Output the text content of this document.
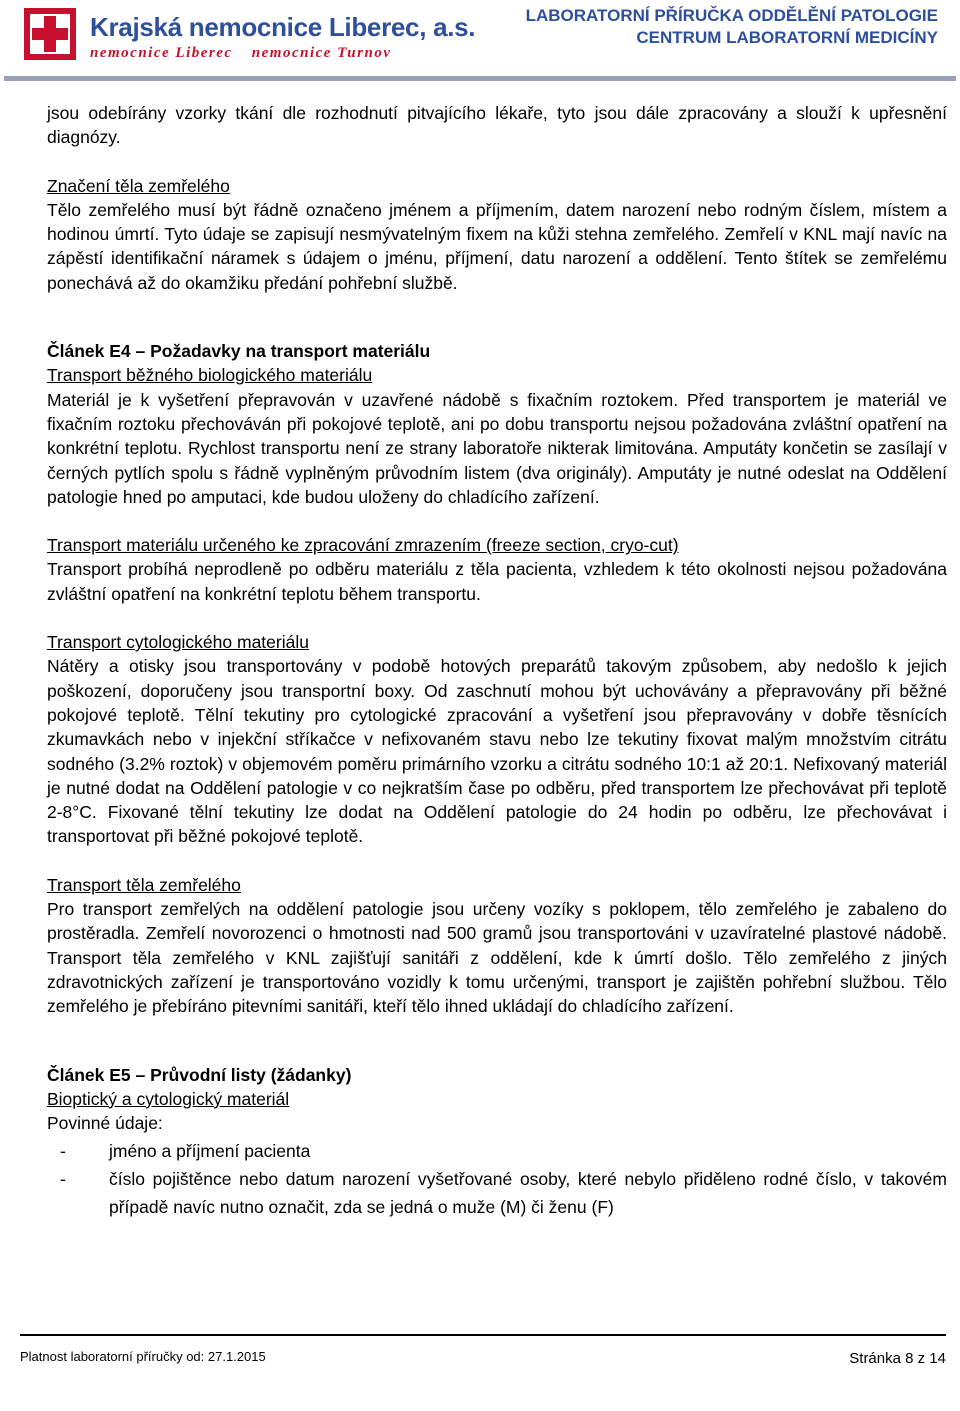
Krajská nemocnice Liberec, a.s.
nemocnice Liberec nemocnice Turnov
LABORATORNÍ PŘÍRUČKA ODDĚLĚNÍ PATOLOGIE
CENTRUM LABORATORNÍ MEDICÍNY

jsou odebírány vzorky tkání dle rozhodnutí pitvajícího lékaře, tyto jsou dále zpracovány a slouží k upřesnění diagnózy.

Značení těla zemřelého

Tělo zemřelého musí být řádně označeno jménem a příjmením, datem narození nebo rodným číslem, místem a hodinou úmrtí. Tyto údaje se zapisují nesmývatelným fixem na kůži stehna zemřelého. Zemřelí v KNL mají navíc na zápěstí identifikační náramek s údajem o jménu, příjmení, datu narození a oddělení. Tento štítek se zemřelému ponechává až do okamžiku předání pohřební službě.

Článek E4 – Požadavky na transport materiálu
Transport běžného biologického materiálu

Materiál je k vyšetření přepravován v uzavřené nádobě s fixačním roztokem. Před transportem je materiál ve fixačním roztoku přechováván při pokojové teplotě, ani po dobu transportu nejsou požadována zvláštní opatření na konkrétní teplotu. Rychlost transportu není ze strany laboratoře nikterak limitována. Amputáty končetin se zasílají v černých pytlích spolu s řádně vyplněným průvodním listem (dva originály). Amputáty je nutné odeslat na Oddělení patologie hned po amputaci, kde budou uloženy do chladícího zařízení.

Transport materiálu určeného ke zpracování zmrazením (freeze section, cryo-cut)

Transport probíhá neprodleně po odběru materiálu z těla pacienta, vzhledem k této okolnosti nejsou požadována zvláštní opatření na konkrétní teplotu během transportu.

Transport cytologického materiálu

Nátěry a otisky jsou transportovány v podobě hotových preparátů takovým způsobem, aby nedošlo k jejich poškození, doporučeny jsou transportní boxy. Od zaschnutí mohou být uchovávány a přepravovány při běžné pokojové teplotě. Tělní tekutiny pro cytologické zpracování a vyšetření jsou přepravovány v dobře těsnících zkumavkách nebo v injekční stříkačce v nefixovaném stavu nebo lze tekutiny fixovat malým množstvím citrátu sodného (3.2% roztok) v objemovém poměru primárního vzorku a citrátu sodného 10:1 až 20:1. Nefixovaný materiál je nutné dodat na Oddělení patologie v co nejkratším čase po odběru, před transportem lze přechovávat při teplotě 2-8°C. Fixované tělní tekutiny lze dodat na Oddělení patologie do 24 hodin po odběru, lze přechovávat i transportovat při běžné pokojové teplotě.

Transport těla zemřelého

Pro transport zemřelých na oddělení patologie jsou určeny vozíky s poklopem, tělo zemřelého je zabaleno do prostěradla. Zemřelí novorozenci o hmotnosti nad 500 gramů jsou transportováni v uzavíratelné plastové nádobě. Transport těla zemřelého v KNL zajišťují sanitáři z oddělení, kde k úmrtí došlo. Tělo zemřelého z jiných zdravotnických zařízení je transportováno vozidly k tomu určenými, transport je zajištěn pohřební službou. Tělo zemřelého je přebíráno pitevními sanitáři, kteří tělo ihned ukládají do chladícího zařízení.

Článek E5 – Průvodní listy (žádanky)
Bioptický a cytologický materiál
Povinné údaje:
- jméno a příjmení pacienta
- číslo pojištěnce nebo datum narození vyšetřované osoby, které nebylo přiděleno rodné číslo, v takovém případě navíc nutno označit, zda se jedná o muže (M) či ženu (F)
Platnost laboratorní příručky od: 27.1.2015	Stránka 8 z 14
